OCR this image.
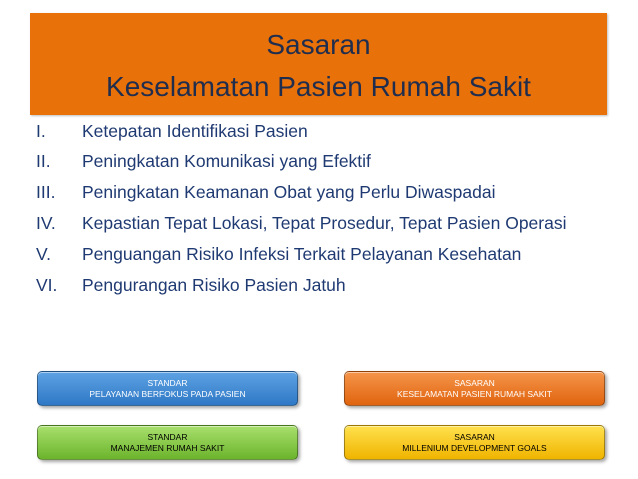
Sasaran
Keselamatan Pasien Rumah Sakit
I. Ketepatan Identifikasi Pasien
II. Peningkatan Komunikasi yang Efektif
III. Peningkatan Keamanan Obat yang Perlu Diwaspadai
IV. Kepastian Tepat Lokasi, Tepat Prosedur, Tepat Pasien Operasi
V. Penguangan Risiko Infeksi Terkait Pelayanan Kesehatan
VI. Pengurangan Risiko Pasien Jatuh
STANDAR
PELAYANAN BERFOKUS PADA PASIEN
SASARAN
KESELAMATAN PASIEN RUMAH SAKIT
STANDAR
MANAJEMEN RUMAH SAKIT
SASARAN
MILLENIUM DEVELOPMENT GOALS
